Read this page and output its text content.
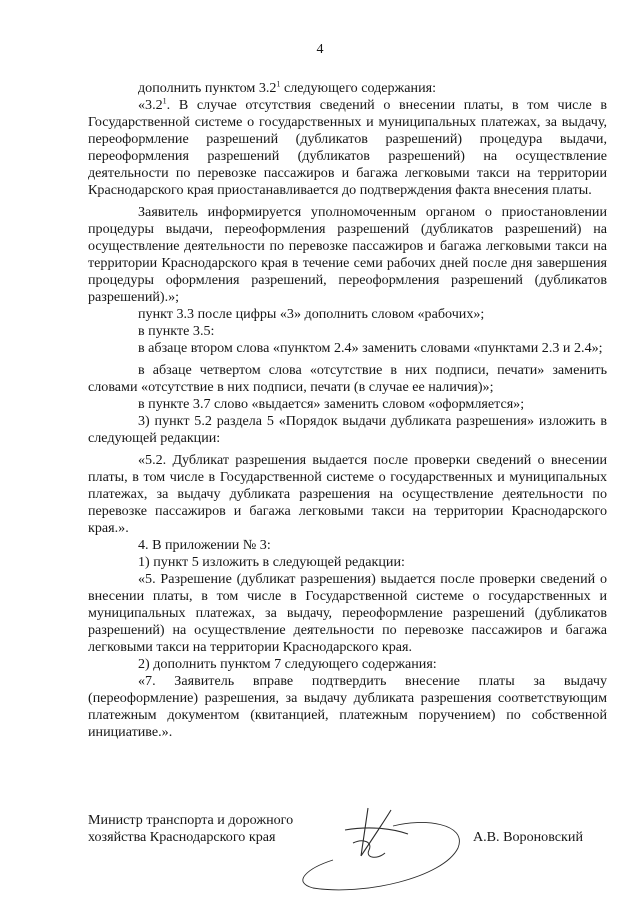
4

дополнить пунктом $3.2^1$ следующего содержания:

«$3.2^1$. В случае отсутствия сведений о внесении платы, в том числе в Государственной системе о государственных и муниципальных платежах, за выдачу, переоформление разрешений (дубликатов разрешений) процедура выдачи, переоформления разрешений (дубликатов разрешений) на осуществление деятельности по перевозке пассажиров и багажа легковыми такси на территории Краснодарского края приостанавливается до подтверждения факта внесения платы.

Заявитель информируется уполномоченным органом о приостановлении процедуры выдачи, переоформления разрешений (дубликатов разрешений) на осуществление деятельности по перевозке пассажиров и багажа легковыми такси на территории Краснодарского края в течение семи рабочих дней после дня завершения процедуры оформления разрешений, переоформления разрешений (дубликатов разрешений).»;

пункт 3.3 после цифры «3» дополнить словом «рабочих»;

в пункте 3.5:

в абзаце втором слова «пунктом 2.4» заменить словами «пунктами 2.3 и 2.4»;

в абзаце четвертом слова «отсутствие в них подписи, печати» заменить словами «отсутствие в них подписи, печати (в случае ее наличия)»;

в пункте 3.7 слово «выдается» заменить словом «оформляется»;

3) пункт 5.2 раздела 5 «Порядок выдачи дубликата разрешения» изложить в следующей редакции:

«5.2. Дубликат разрешения выдается после проверки сведений о внесении платы, в том числе в Государственной системе о государственных и муниципальных платежах, за выдачу дубликата разрешения на осуществление деятельности по перевозке пассажиров и багажа легковыми такси на территории Краснодарского края.».

4. В приложении № 3:

1) пункт 5 изложить в следующей редакции:

«5. Разрешение (дубликат разрешения) выдается после проверки сведений о внесении платы, в том числе в Государственной системе о государственных и муниципальных платежах, за выдачу, переоформление разрешений (дубликатов разрешений) на осуществление деятельности по перевозке пассажиров и багажа легковыми такси на территории Краснодарского края.

2) дополнить пунктом 7 следующего содержания:

«7. Заявитель вправе подтвердить внесение платы за выдачу (переоформление) разрешения, за выдачу дубликата разрешения соответствующим платежным документом (квитанцией, платежным поручением) по собственной инициативе.».

Министр транспорта и дорожного
хозяйства Краснодарского края	А.В. Вороновский
